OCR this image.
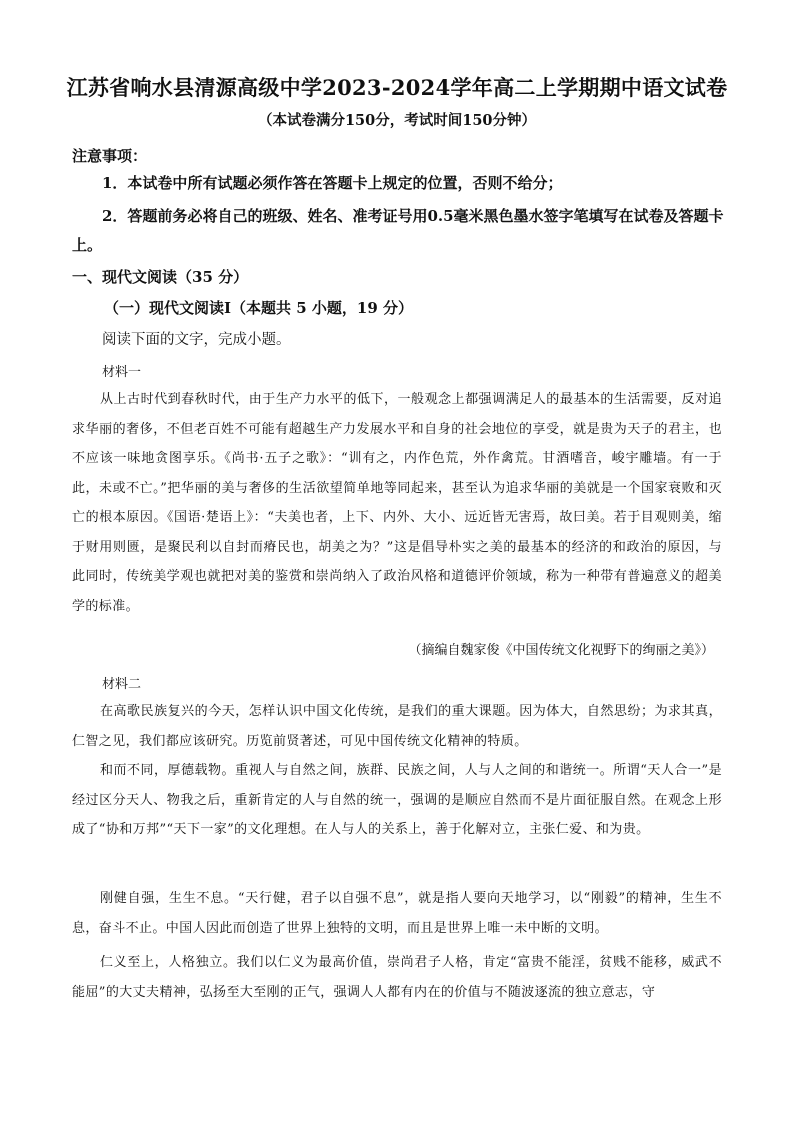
江苏省响水县清源高级中学2023-2024学年高二上学期期中语文试卷
（本试卷满分150分，考试时间150分钟）
注意事项：
1．本试卷中所有试题必须作答在答题卡上规定的位置，否则不给分；
2．答题前务必将自己的班级、姓名、准考证号用0.5毫米黑色墨水签字笔填写在试卷及答题卡上。
一、现代文阅读（35 分）
（一）现代文阅读Ⅰ（本题共 5 小题，19 分）
阅读下面的文字，完成小题。
材料一
从上古时代到春秋时代，由于生产力水平的低下，一般观念上都强调满足人的最基本的生活需要，反对追求华丽的奢侈，不但老百姓不可能有超越生产力发展水平和自身的社会地位的享受，就是贵为天子的君主，也不应该一味地贪图享乐。《尚书·五子之歌》：“训有之，内作色荒，外作禽荒。甘酒嗜音，峻宇雕墙。有一于此，未或不亡。”把华丽的美与奢侈的生活欲望简单地等同起来，甚至认为追求华丽的美就是一个国家衰败和灭亡的根本原因。《国语·楚语上》：“夫美也者，上下、内外、大小、远近皆无害焉，故曰美。若于目观则美，缩于财用则匮，是聚民利以自封而瘠民也，胡美之为？”这是倡导朴实之美的最基本的经济的和政治的原因，与此同时，传统美学观也就把对美的鉴赏和崇尚纳入了政治风格和道德评价领域，称为一种带有普遍意义的超美学的标准。
（摘编自魏家俊《中国传统文化视野下的绚丽之美》）
材料二
在高歌民族复兴的今天，怎样认识中国文化传统，是我们的重大课题。因为体大，自然思纷；为求其真，仁智之见，我们都应该研究。历览前贤著述，可见中国传统文化精神的特质。
和而不同，厚德载物。重视人与自然之间，族群、民族之间，人与人之间的和谐统一。所谓“天人合一”是经过区分天人、物我之后，重新肯定的人与自然的统一，强调的是顺应自然而不是片面征服自然。在观念上形成了“协和万邦”“天下一家”的文化理想。在人与人的关系上，善于化解对立，主张仁爱、和为贵。
刚健自强，生生不息。“天行健，君子以自强不息”，就是指人要向天地学习，以“刚毅”的精神，生生不息，奋斗不止。中国人因此而创造了世界上独特的文明，而且是世界上唯一未中断的文明。
仁义至上，人格独立。我们以仁义为最高价值，崇尚君子人格，肯定“富贵不能淫，贫贱不能移，威武不能屈”的大丈夫精神，弘扬至大至刚的正气，强调人人都有内在的价值与不随波逐流的独立意志，守
